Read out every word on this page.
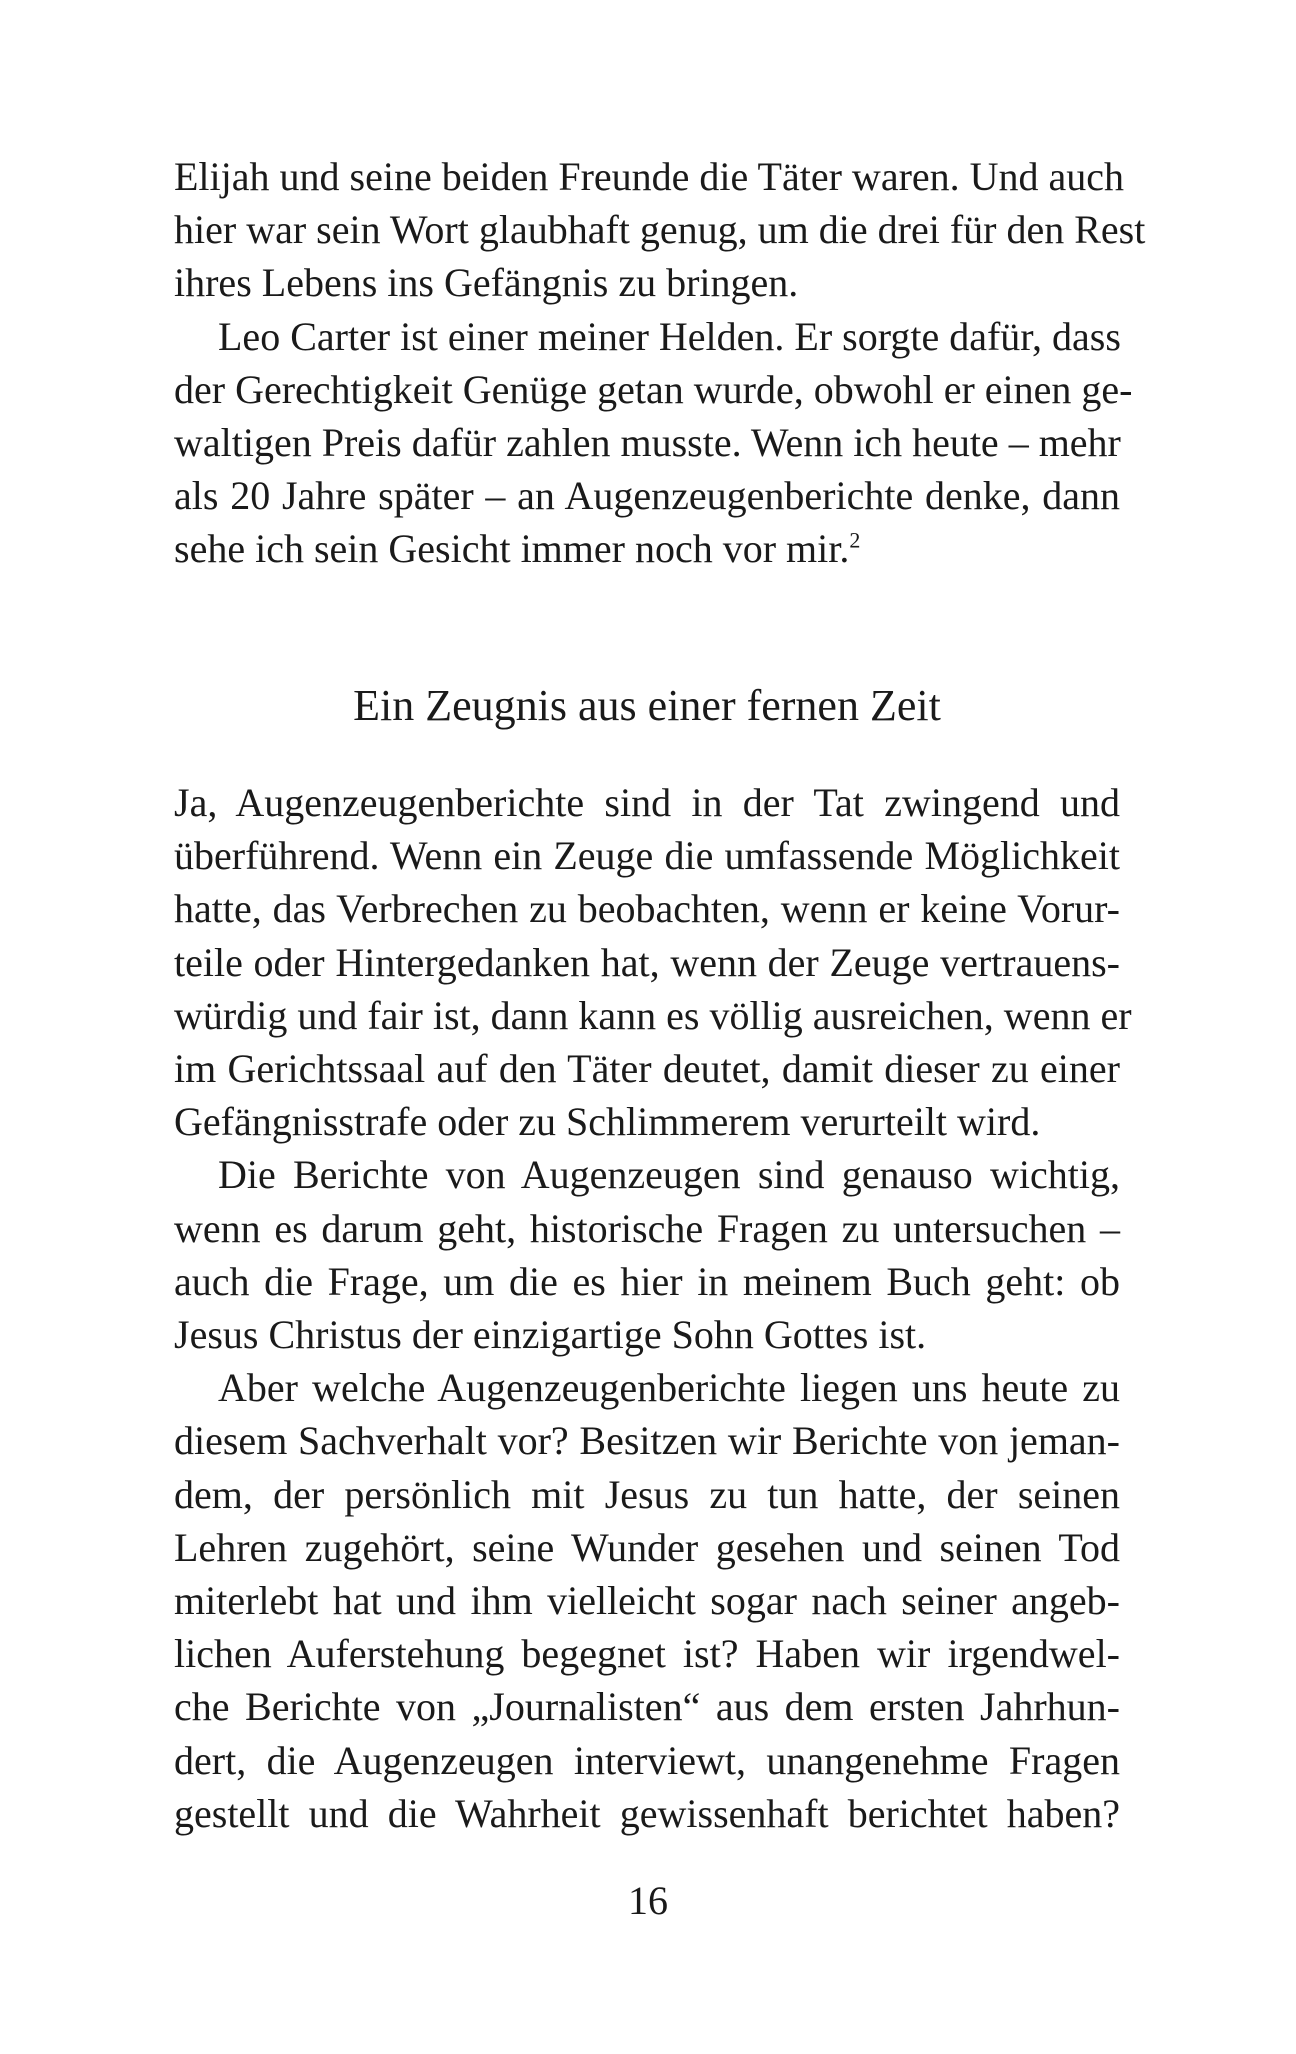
Elijah und seine beiden Freunde die Täter waren. Und auch
hier war sein Wort glaubhaft genug, um die drei für den Rest
ihres Lebens ins Gefängnis zu bringen.

Leo Carter ist einer meiner Helden. Er sorgte dafür, dass
der Gerechtigkeit Genüge getan wurde, obwohl er einen ge-
waltigen Preis dafür zahlen musste. Wenn ich heute – mehr
als 20 Jahre später – an Augenzeugenberichte denke, dann
sehe ich sein Gesicht immer noch vor mir.$^2$

Ein Zeugnis aus einer fernen Zeit

Ja, Augenzeugenberichte sind in der Tat zwingend und
überführend. Wenn ein Zeuge die umfassende Möglichkeit
hatte, das Verbrechen zu beobachten, wenn er keine Vorur-
teile oder Hintergedanken hat, wenn der Zeuge vertrauens-
würdig und fair ist, dann kann es völlig ausreichen, wenn er
im Gerichtssaal auf den Täter deutet, damit dieser zu einer
Gefängnisstrafe oder zu Schlimmerem verurteilt wird.

Die Berichte von Augenzeugen sind genauso wichtig,
wenn es darum geht, historische Fragen zu untersuchen –
auch die Frage, um die es hier in meinem Buch geht: ob
Jesus Christus der einzigartige Sohn Gottes ist.

Aber welche Augenzeugenberichte liegen uns heute zu
diesem Sachverhalt vor? Besitzen wir Berichte von jeman-
dem, der persönlich mit Jesus zu tun hatte, der seinen
Lehren zugehört, seine Wunder gesehen und seinen Tod
miterlebt hat und ihm vielleicht sogar nach seiner angeb-
lichen Auferstehung begegnet ist? Haben wir irgendwel-
che Berichte von „Journalisten“ aus dem ersten Jahrhun-
dert, die Augenzeugen interviewt, unangenehme Fragen
gestellt und die Wahrheit gewissenhaft berichtet haben?

16
